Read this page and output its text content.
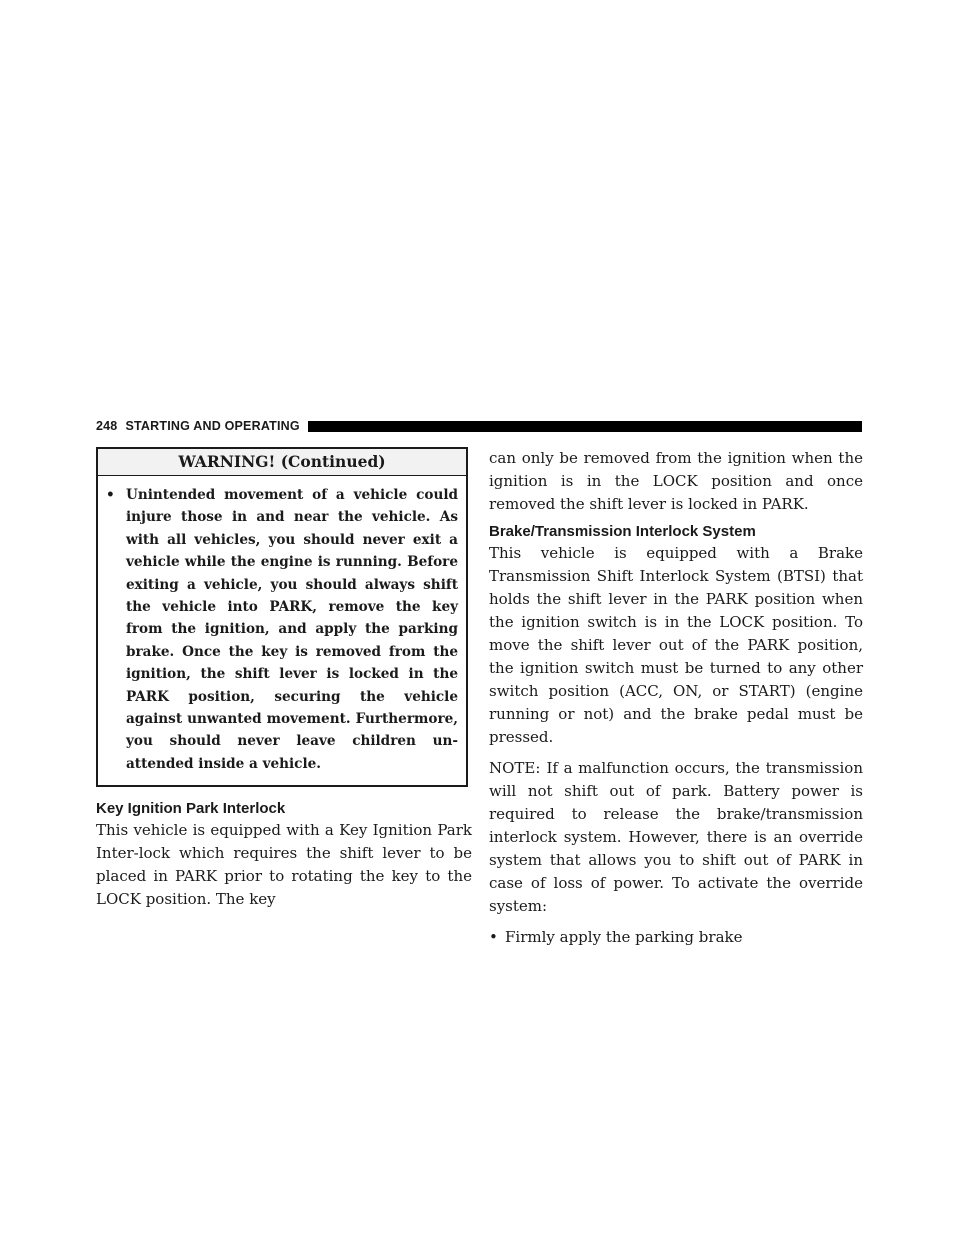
248 STARTING AND OPERATING
WARNING! (Continued)
• Unintended movement of a vehicle could injure those in and near the vehicle. As with all vehicles, you should never exit a vehicle while the engine is running. Before exiting a vehicle, you should always shift the vehicle into PARK, remove the key from the ignition, and apply the parking brake. Once the key is removed from the ignition, the shift lever is locked in the PARK position, securing the vehicle against unwanted movement. Furthermore, you should never leave children un-attended inside a vehicle.
Key Ignition Park Interlock

This vehicle is equipped with a Key Ignition Park Inter-lock which requires the shift lever to be placed in PARK prior to rotating the key to the LOCK position. The key

can only be removed from the ignition when the ignition is in the LOCK position and once removed the shift lever is locked in PARK.

Brake/Transmission Interlock System

This vehicle is equipped with a Brake Transmission Shift Interlock System (BTSI) that holds the shift lever in the PARK position when the ignition switch is in the LOCK position. To move the shift lever out of the PARK position, the ignition switch must be turned to any other switch position (ACC, ON, or START) (engine running or not) and the brake pedal must be pressed.

NOTE: If a malfunction occurs, the transmission will not shift out of park. Battery power is required to release the brake/transmission interlock system. However, there is an override system that allows you to shift out of PARK in case of loss of power. To activate the override system:

• Firmly apply the parking brake
